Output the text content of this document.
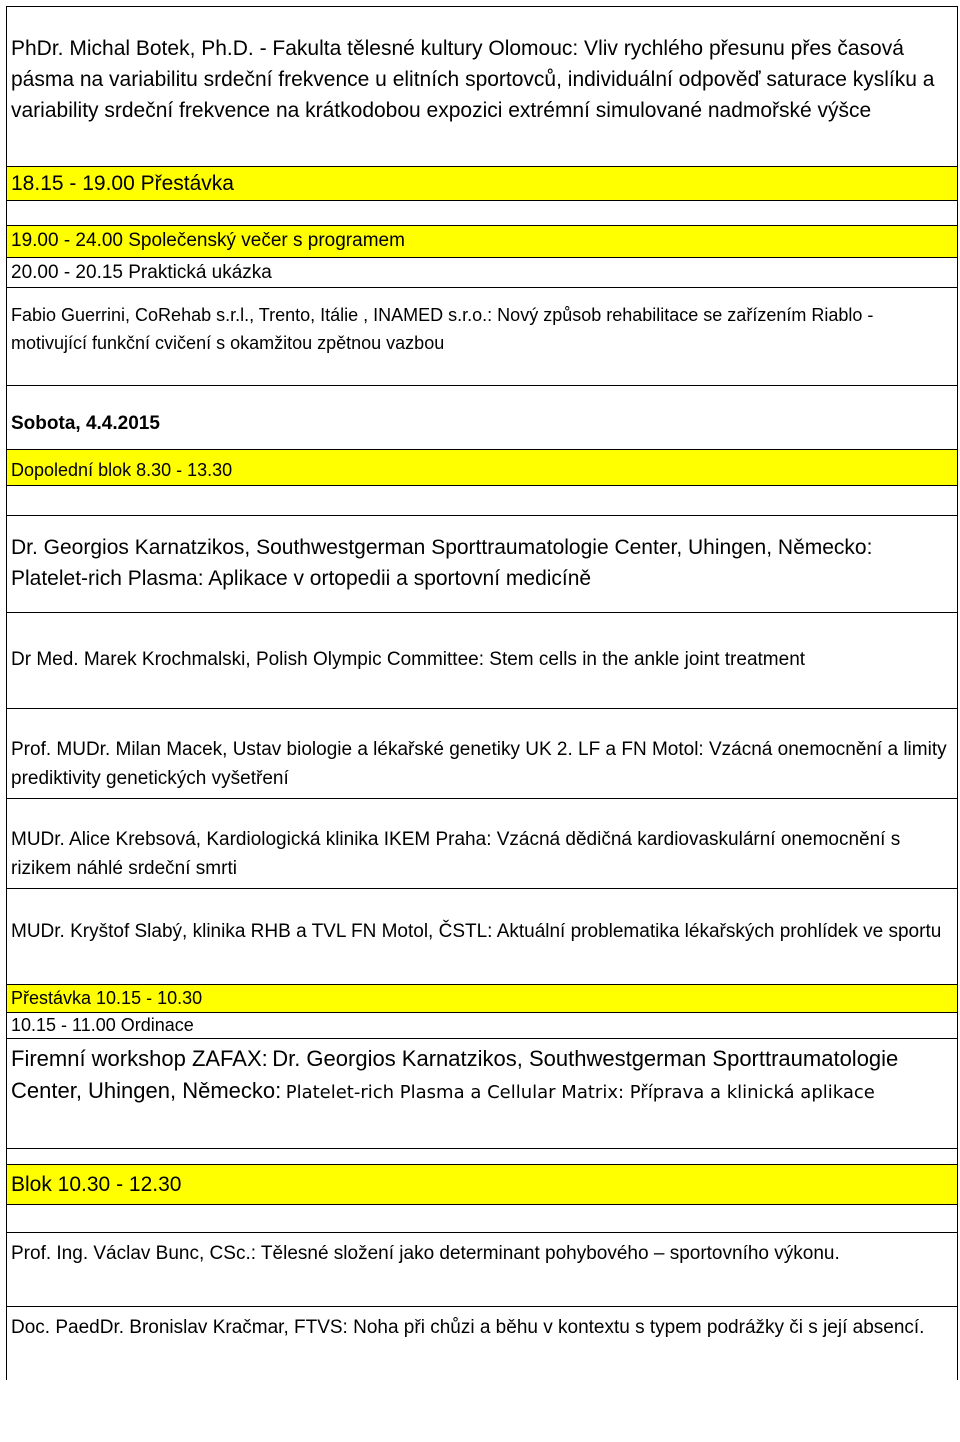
PhDr. Michal Botek, Ph.D. - Fakulta tělesné kultury Olomouc: Vliv rychlého přesunu přes časová pásma na variabilitu srdeční frekvence u elitních sportovců, individuální odpověď saturace kyslíku a variability srdeční frekvence na krátkodobou expozici extrémní simulované nadmořské výšce
18.15 - 19.00 Přestávka
19.00 - 24.00 Společenský večer s programem
20.00 - 20.15 Praktická ukázka
Fabio Guerrini, CoRehab s.r.l., Trento, Itálie , INAMED s.r.o.: Nový způsob rehabilitace se zařízením Riablo - motivující funkční cvičení s okamžitou zpětnou vazbou
Sobota, 4.4.2015
Dopolední blok 8.30 - 13.30
Dr. Georgios Karnatzikos, Southwestgerman Sporttraumatologie Center, Uhingen, Německo: Platelet-rich Plasma: Aplikace v ortopedii a sportovní medicíně
Dr Med. Marek Krochmalski, Polish Olympic Committee: Stem cells in the ankle joint treatment
Prof. MUDr. Milan Macek, Ustav biologie a lékařské genetiky UK 2. LF a FN Motol: Vzácná onemocnění a limity prediktivity genetických vyšetření
MUDr. Alice Krebsová, Kardiologická klinika IKEM Praha: Vzácná dědičná kardiovaskulární onemocnění s rizikem náhlé srdeční smrti
MUDr. Kryštof Slabý, klinika RHB a TVL FN Motol, ČSTL: Aktuální problematika lékařských prohlídek ve sportu
Přestávka 10.15 - 10.30
10.15 - 11.00 Ordinace
Firemní workshop ZAFAX: Dr. Georgios Karnatzikos, Southwestgerman Sporttraumatologie Center, Uhingen, Německo: Platelet-rich Plasma a Cellular Matrix: Příprava a klinická aplikace
Blok 10.30 - 12.30
Prof. Ing. Václav Bunc, CSc.: Tělesné složení jako determinant pohybového – sportovního výkonu.
Doc. PaedDr. Bronislav Kračmar, FTVS: Noha při chůzi a běhu v kontextu s typem podrážky či s její absencí.
